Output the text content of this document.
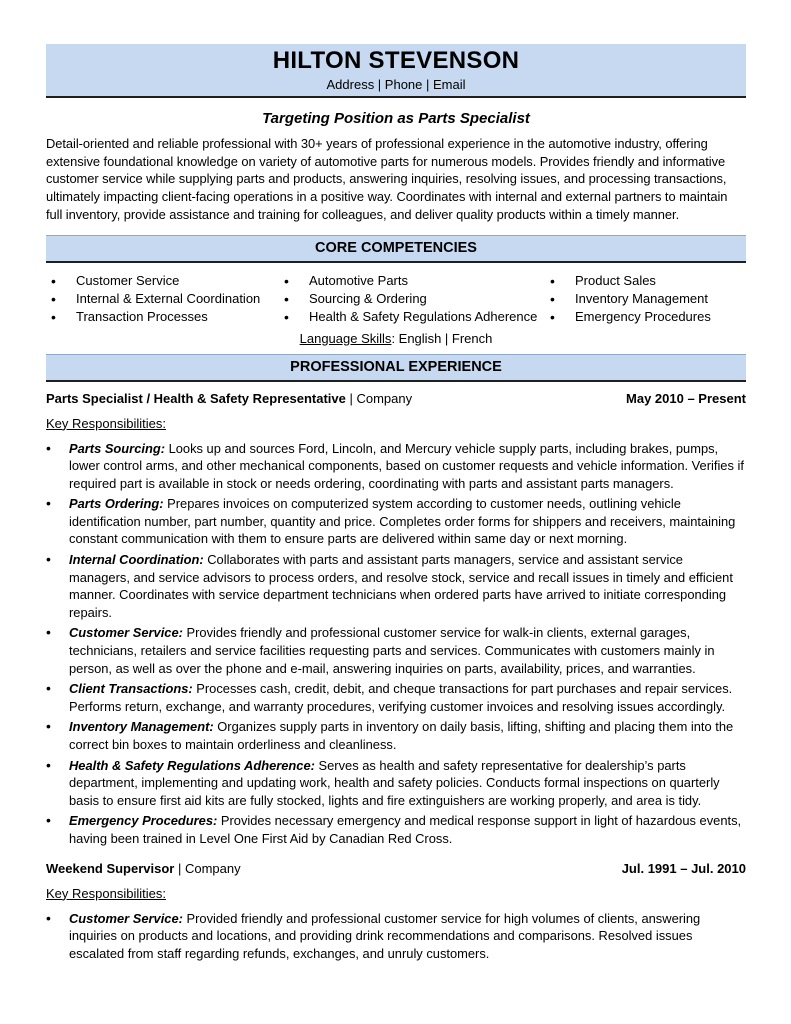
HILTON STEVENSON
Address | Phone | Email
Targeting Position as Parts Specialist
Detail-oriented and reliable professional with 30+ years of professional experience in the automotive industry, offering extensive foundational knowledge on variety of automotive parts for numerous models. Provides friendly and informative customer service while supplying parts and products, answering inquiries, resolving issues, and processing transactions, ultimately impacting client-facing operations in a positive way. Coordinates with internal and external partners to maintain full inventory, provide assistance and training for colleagues, and deliver quality products within a timely manner.
CORE COMPETENCIES
• Customer Service
• Internal & External Coordination
• Transaction Processes
• Automotive Parts
• Sourcing & Ordering
• Health & Safety Regulations Adherence
• Product Sales
• Inventory Management
• Emergency Procedures
Language Skills: English | French
PROFESSIONAL EXPERIENCE
Parts Specialist / Health & Safety Representative | Company	May 2010 – Present
Key Responsibilities:
• Parts Sourcing: Looks up and sources Ford, Lincoln, and Mercury vehicle supply parts, including brakes, pumps, lower control arms, and other mechanical components, based on customer requests and vehicle information. Verifies if required part is available in stock or needs ordering, coordinating with parts and assistant parts managers.
• Parts Ordering: Prepares invoices on computerized system according to customer needs, outlining vehicle identification number, part number, quantity and price. Completes order forms for shippers and receivers, maintaining constant communication with them to ensure parts are delivered within same day or next morning.
• Internal Coordination: Collaborates with parts and assistant parts managers, service and assistant service managers, and service advisors to process orders, and resolve stock, service and recall issues in timely and efficient manner. Coordinates with service department technicians when ordered parts have arrived to initiate corresponding repairs.
• Customer Service: Provides friendly and professional customer service for walk-in clients, external garages, technicians, retailers and service facilities requesting parts and services. Communicates with customers mainly in person, as well as over the phone and e-mail, answering inquiries on parts, availability, prices, and warranties.
• Client Transactions: Processes cash, credit, debit, and cheque transactions for part purchases and repair services. Performs return, exchange, and warranty procedures, verifying customer invoices and resolving issues accordingly.
• Inventory Management: Organizes supply parts in inventory on daily basis, lifting, shifting and placing them into the correct bin boxes to maintain orderliness and cleanliness.
• Health & Safety Regulations Adherence: Serves as health and safety representative for dealership’s parts department, implementing and updating work, health and safety policies. Conducts formal inspections on quarterly basis to ensure first aid kits are fully stocked, lights and fire extinguishers are working properly, and area is tidy.
• Emergency Procedures: Provides necessary emergency and medical response support in light of hazardous events, having been trained in Level One First Aid by Canadian Red Cross.
Weekend Supervisor | Company	Jul. 1991 – Jul. 2010
Key Responsibilities:
• Customer Service: Provided friendly and professional customer service for high volumes of clients, answering inquiries on products and locations, and providing drink recommendations and comparisons. Resolved issues escalated from staff regarding refunds, exchanges, and unruly customers.
